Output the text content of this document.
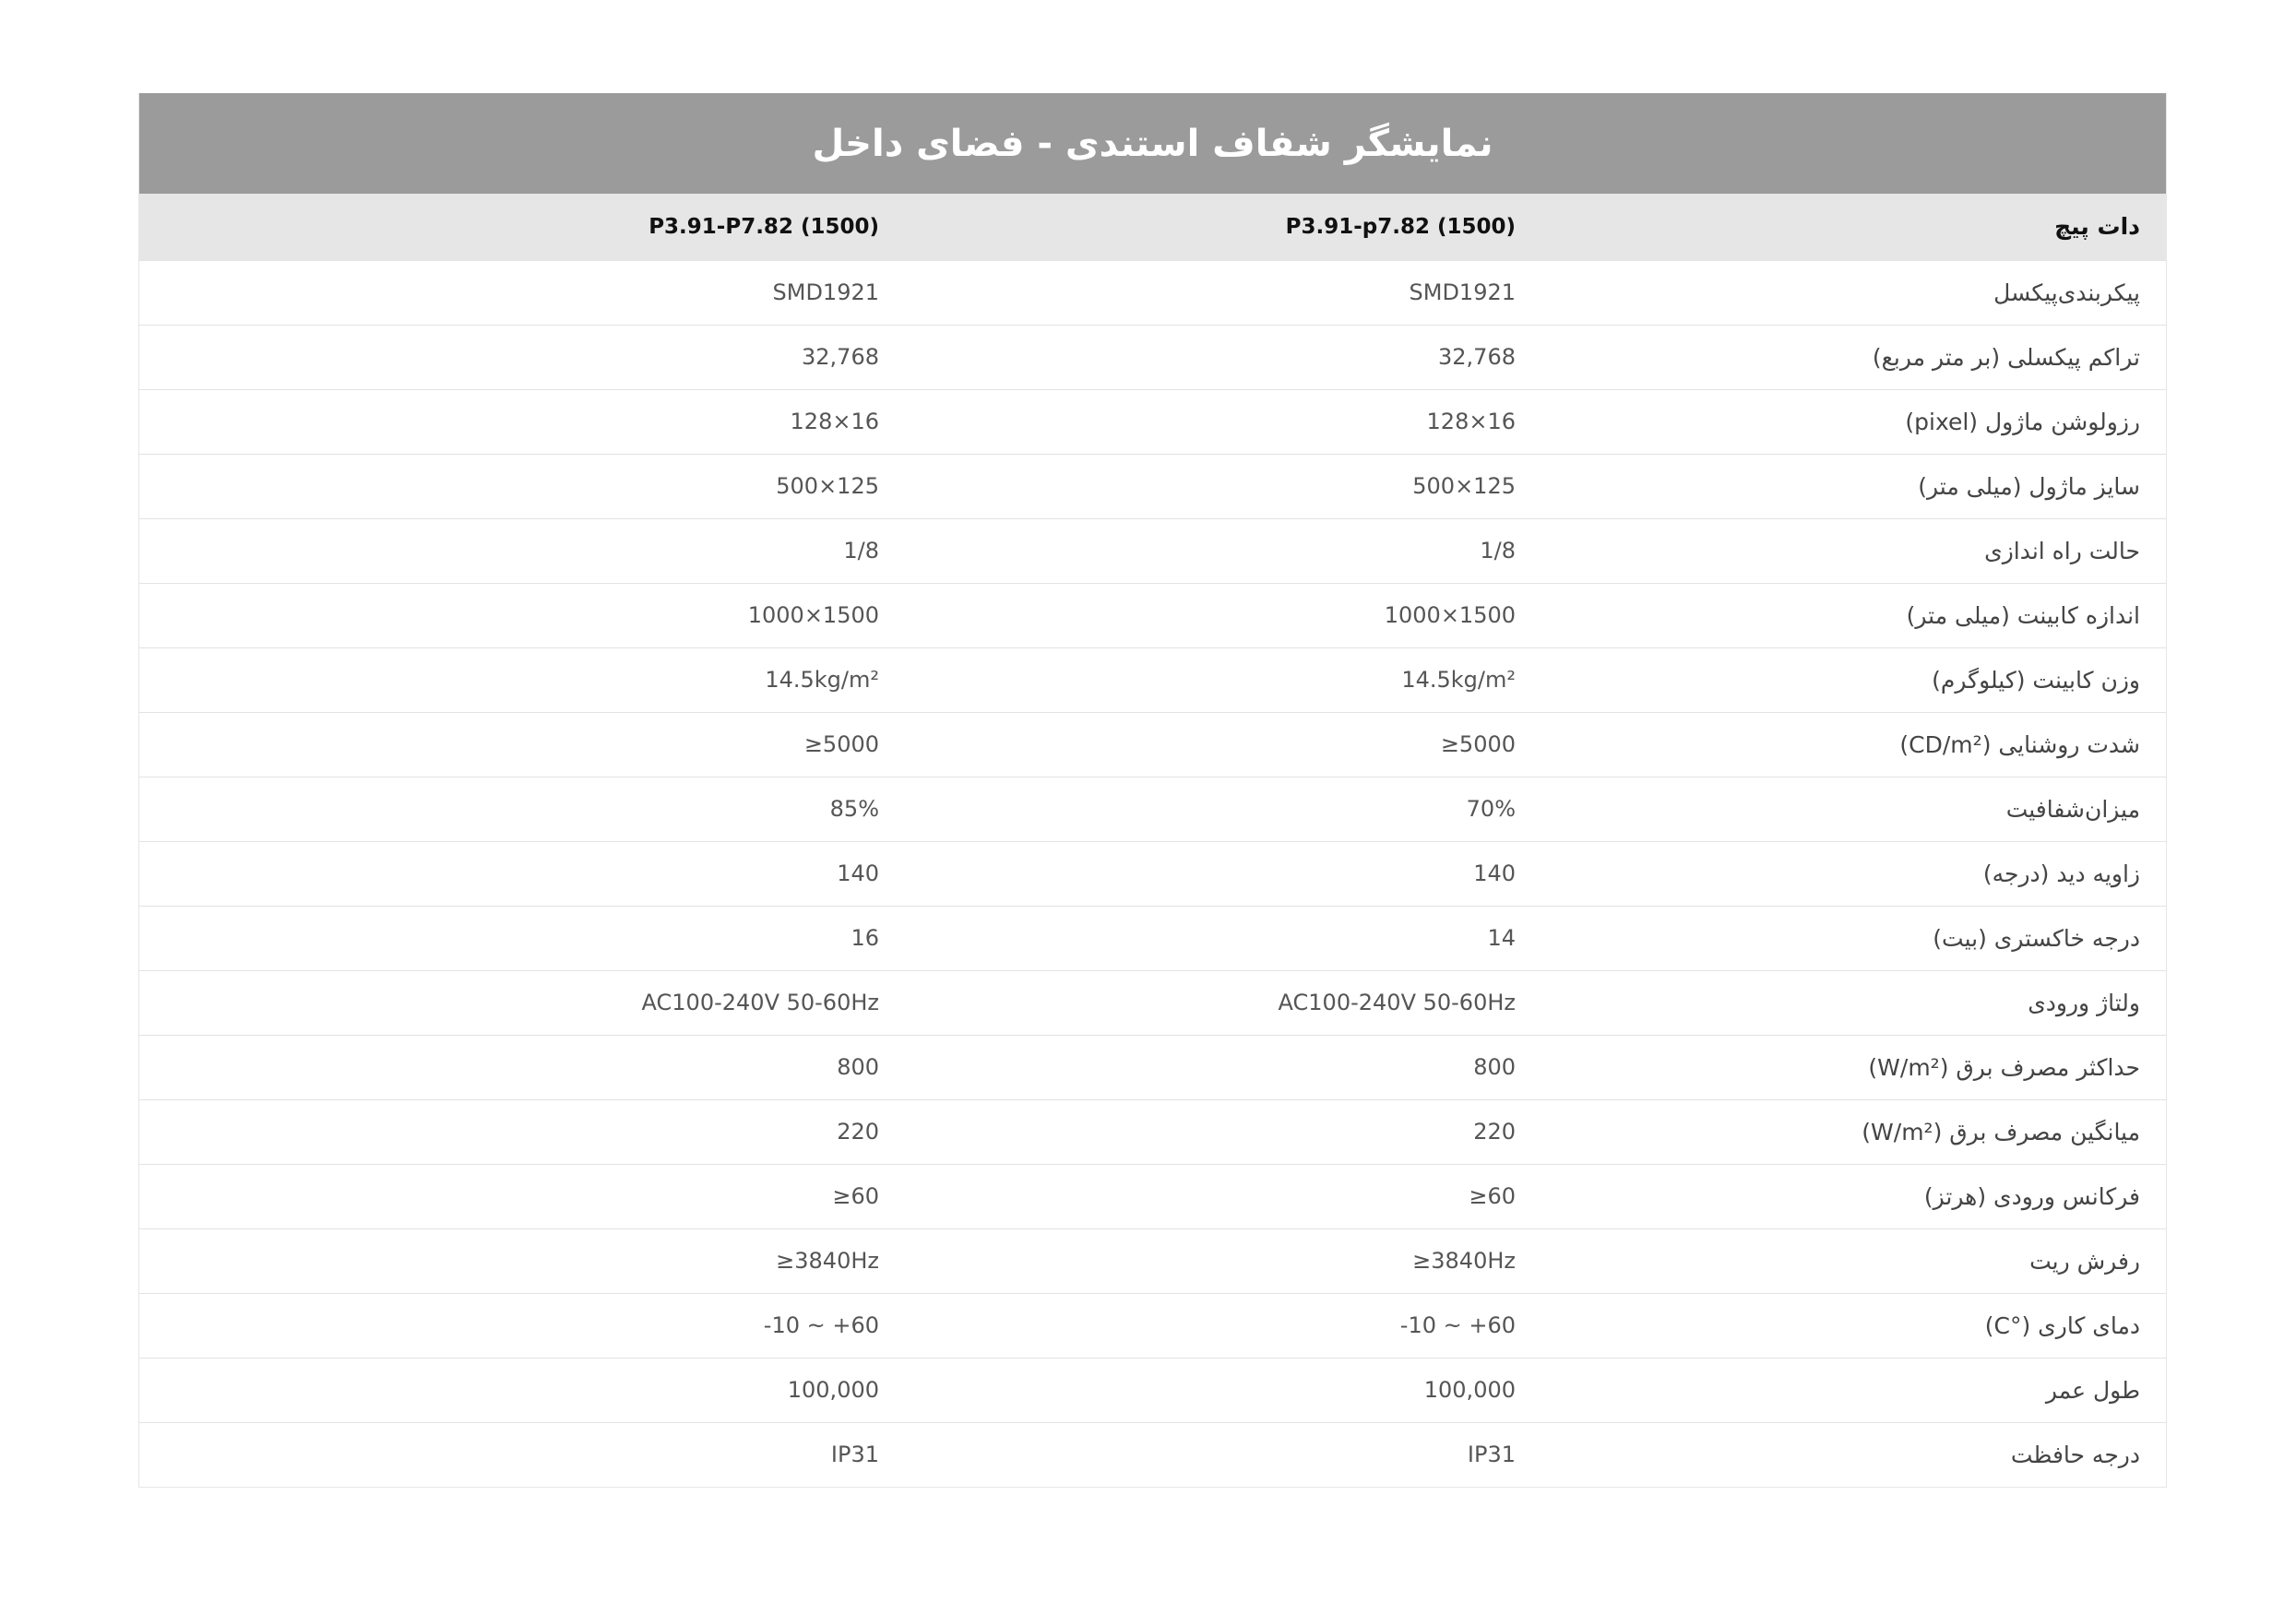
نمایشگر شفاف استندی - فضای داخل
دات پیچ	P3.91-p7.82 (1500)	P3.91-P7.82 (1500)
پیکربندی‌پیکسل	SMD1921	SMD1921
تراکم پیکسلی (بر متر مربع)	32,768	32,768
رزولوشن ماژول (pixel)	128×16	128×16
سایز ماژول (میلی متر)	500×125	500×125
حالت راه اندازی	1/8	1/8
اندازه کابینت (میلی متر)	1000×1500	1000×1500
وزن کابینت (کیلوگرم)	14.5kg/m²	14.5kg/m²
شدت روشنایی (CD/m²)	≥5000	≥5000
میزان‌شفافیت	70%	85%
زاویه دید (درجه)	140	140
درجه خاکستری (بیت)	14	16
ولتاژ ورودی	AC100-240V 50-60Hz	AC100-240V 50-60Hz
حداکثر مصرف برق (W/m²)	800	800
میانگین مصرف برق (W/m²)	220	220
فرکانس ورودی (هرتز)	≥60	≥60
رفرش ریت	≥3840Hz	≥3840Hz
دمای کاری (°C)	-10 ~ +60	-10 ~ +60
طول عمر	100,000	100,000
درجه حافظت	IP31	IP31
